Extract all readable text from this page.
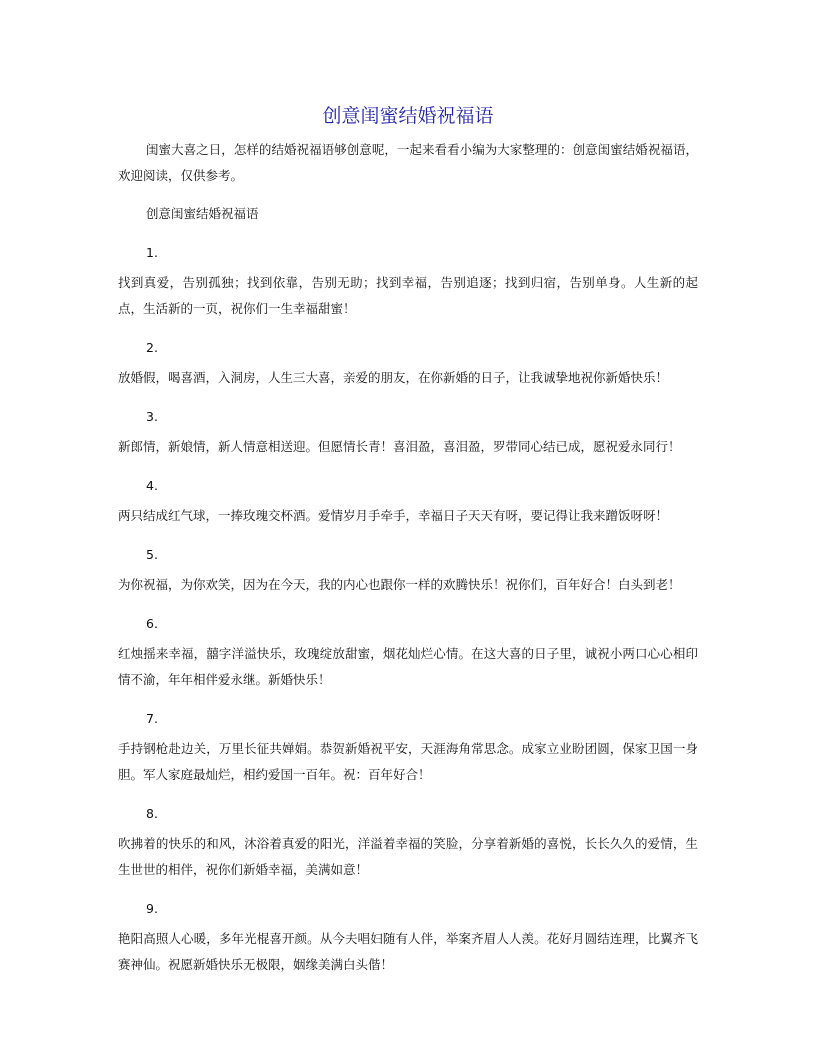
创意闺蜜结婚祝福语

闺蜜大喜之日，怎样的结婚祝福语够创意呢，一起来看看小编为大家整理的：创意闺蜜结婚祝福语，欢迎阅读，仅供参考。

创意闺蜜结婚祝福语

1.

找到真爱，告别孤独；找到依靠，告别无助；找到幸福，告别追逐；找到归宿，告别单身。人生新的起点，生活新的一页，祝你们一生幸福甜蜜！

2.

放婚假，喝喜酒，入洞房，人生三大喜，亲爱的朋友，在你新婚的日子，让我诚挚地祝你新婚快乐！

3.

新郎情，新娘情，新人情意相送迎。但愿情长青！喜泪盈，喜泪盈，罗带同心结已成，愿祝爱永同行！

4.

两只结成红气球，一捧玫瑰交杯酒。爱情岁月手牵手，幸福日子天天有呀，要记得让我来蹭饭呀呀！

5.

为你祝福，为你欢笑，因为在今天，我的内心也跟你一样的欢腾快乐！祝你们，百年好合！白头到老！

6.

红烛摇来幸福，囍字洋溢快乐，玫瑰绽放甜蜜，烟花灿烂心情。在这大喜的日子里，诚祝小两口心心相印情不渝，年年相伴爱永继。新婚快乐！

7.

手持钢枪赴边关，万里长征共婵娟。恭贺新婚祝平安，天涯海角常思念。成家立业盼团圆，保家卫国一身胆。军人家庭最灿烂，相约爱国一百年。祝：百年好合！

8.

吹拂着的快乐的和风，沐浴着真爱的阳光，洋溢着幸福的笑脸，分享着新婚的喜悦，长长久久的爱情，生生世世的相伴，祝你们新婚幸福，美满如意！

9.

艳阳高照人心暖，多年光棍喜开颜。从今夫唱妇随有人伴，举案齐眉人人羡。花好月圆结连理，比翼齐飞赛神仙。祝愿新婚快乐无极限，姻缘美满白头偕！
